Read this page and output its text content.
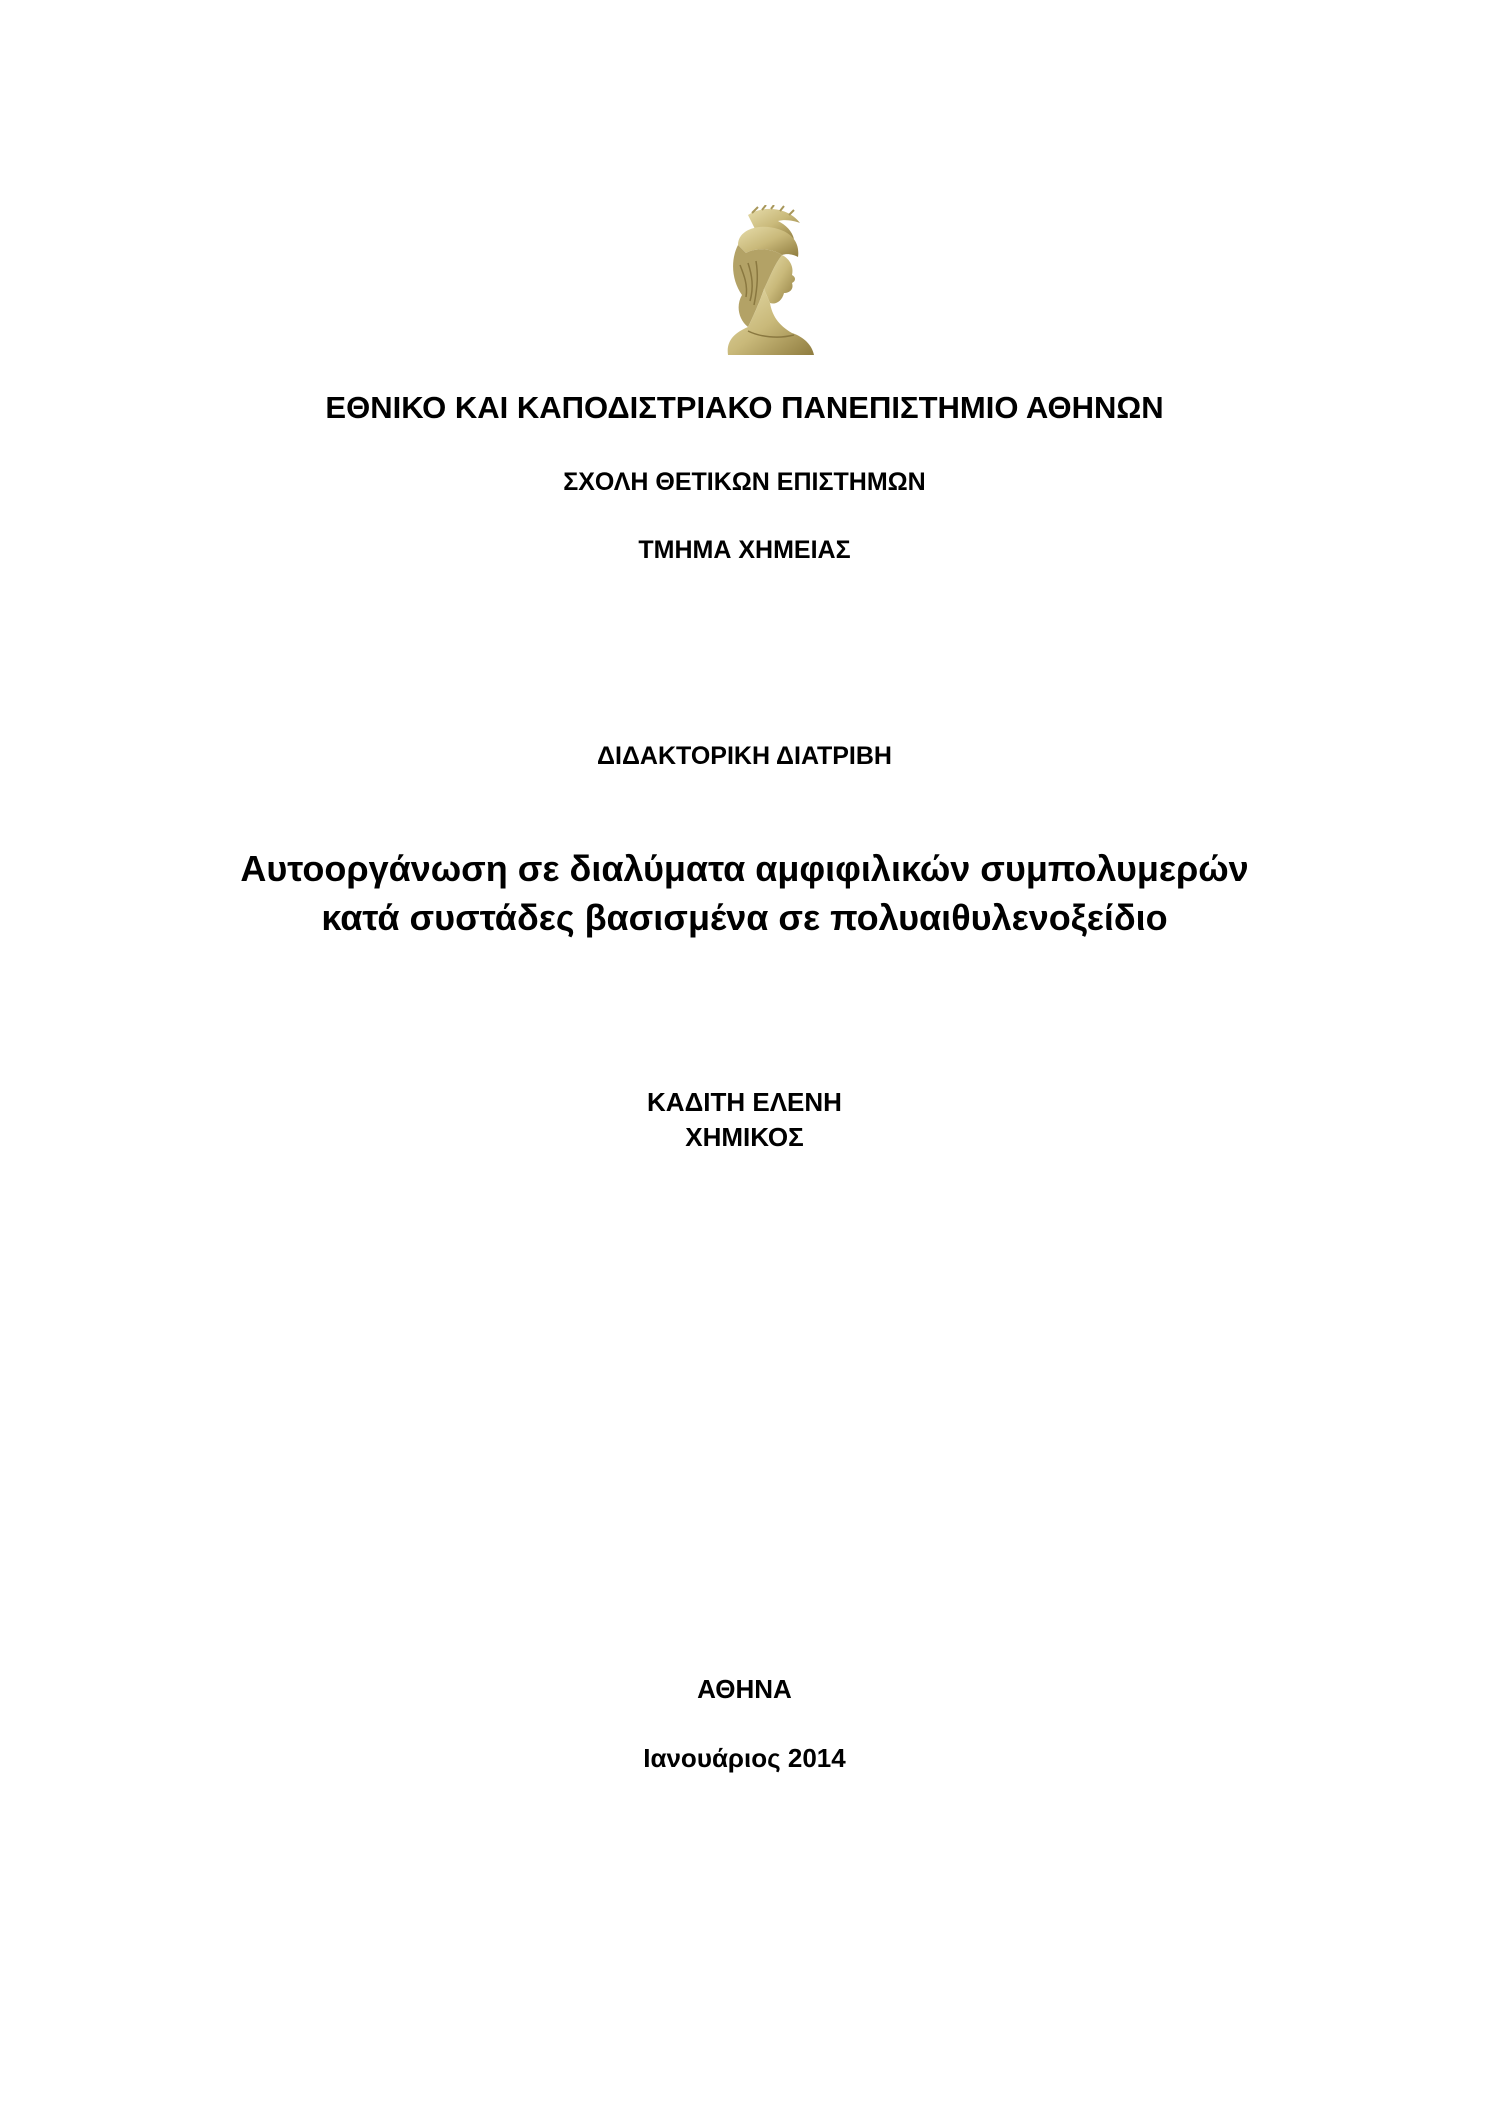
ΕΘΝΙΚΟ ΚΑΙ ΚΑΠΟΔΙΣΤΡΙΑΚΟ ΠΑΝΕΠΙΣΤΗΜΙΟ ΑΘΗΝΩΝ
ΣΧΟΛΗ ΘΕΤΙΚΩΝ ΕΠΙΣΤΗΜΩΝ
ΤΜΗΜΑ ΧΗΜΕΙΑΣ
ΔΙΔΑΚΤΟΡΙΚΗ ΔΙΑΤΡΙΒΗ
Αυτοοργάνωση σε διαλύματα αμφιφιλικών συμπολυμερών
κατά συστάδες βασισμένα σε πολυαιθυλενοξείδιο
ΚΑΔΙΤΗ ΕΛΕΝΗ
ΧΗΜΙΚΟΣ
ΑΘΗΝΑ
Ιανουάριος 2014
